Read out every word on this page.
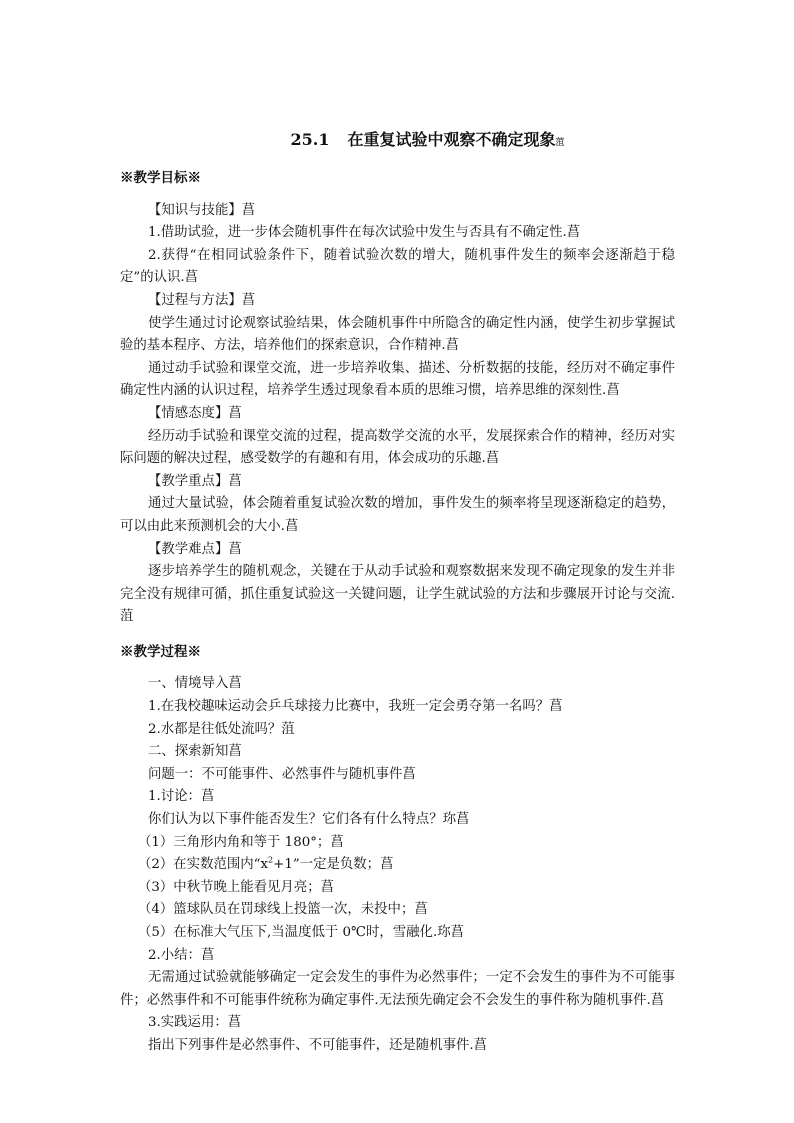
25.1 在重复试验中观察不确定现象菹
※教学目标※
【知识与技能】菖
1.借助试验，进一步体会随机事件在每次试验中发生与否具有不确定性.菖
2.获得“在相同试验条件下，随着试验次数的增大，随机事件发生的频率会逐渐趋于稳定”的认识.菖
【过程与方法】菖
使学生通过讨论观察试验结果，体会随机事件中所隐含的确定性内涵，使学生初步掌握试验的基本程序、方法，培养他们的探索意识，合作精神.菖
通过动手试验和课堂交流，进一步培养收集、描述、分析数据的技能，经历对不确定事件确定性内涵的认识过程，培养学生透过现象看本质的思维习惯，培养思维的深刻性.菖
【情感态度】菖
经历动手试验和课堂交流的过程，提高数学交流的水平，发展探索合作的精神，经历对实际问题的解决过程，感受数学的有趣和有用，体会成功的乐趣.菖
【教学重点】菖
通过大量试验，体会随着重复试验次数的增加，事件发生的频率将呈现逐渐稳定的趋势，可以由此来预测机会的大小.菖
【教学难点】菖
逐步培养学生的随机观念，关键在于从动手试验和观察数据来发现不确定现象的发生并非完全没有规律可循，抓住重复试验这一关键问题，让学生就试验的方法和步骤展开讨论与交流.菹
※教学过程※
一、情境导入菖
1.在我校趣味运动会乒乓球接力比赛中，我班一定会勇夺第一名吗？菖
2.水都是往低处流吗？菹
二、探索新知菖
问题一：不可能事件、必然事件与随机事件菖
1.讨论：菖
你们认为以下事件能否发生？它们各有什么特点？珎菖
（1）三角形内角和等于 180°；菖
（2）在实数范围内“$x^2+1$”一定是负数；菖
（3）中秋节晚上能看见月亮；菖
（4）篮球队员在罚球线上投篮一次，未投中；菖
（5）在标准大气压下,当温度低于 0℃时，雪融化.珎菖
2.小结：菖
无需通过试验就能够确定一定会发生的事件为必然事件；一定不会发生的事件为不可能事件；必然事件和不可能事件统称为确定事件.无法预先确定会不会发生的事件称为随机事件.菖
3.实践运用：菖
指出下列事件是必然事件、不可能事件，还是随机事件.菖
